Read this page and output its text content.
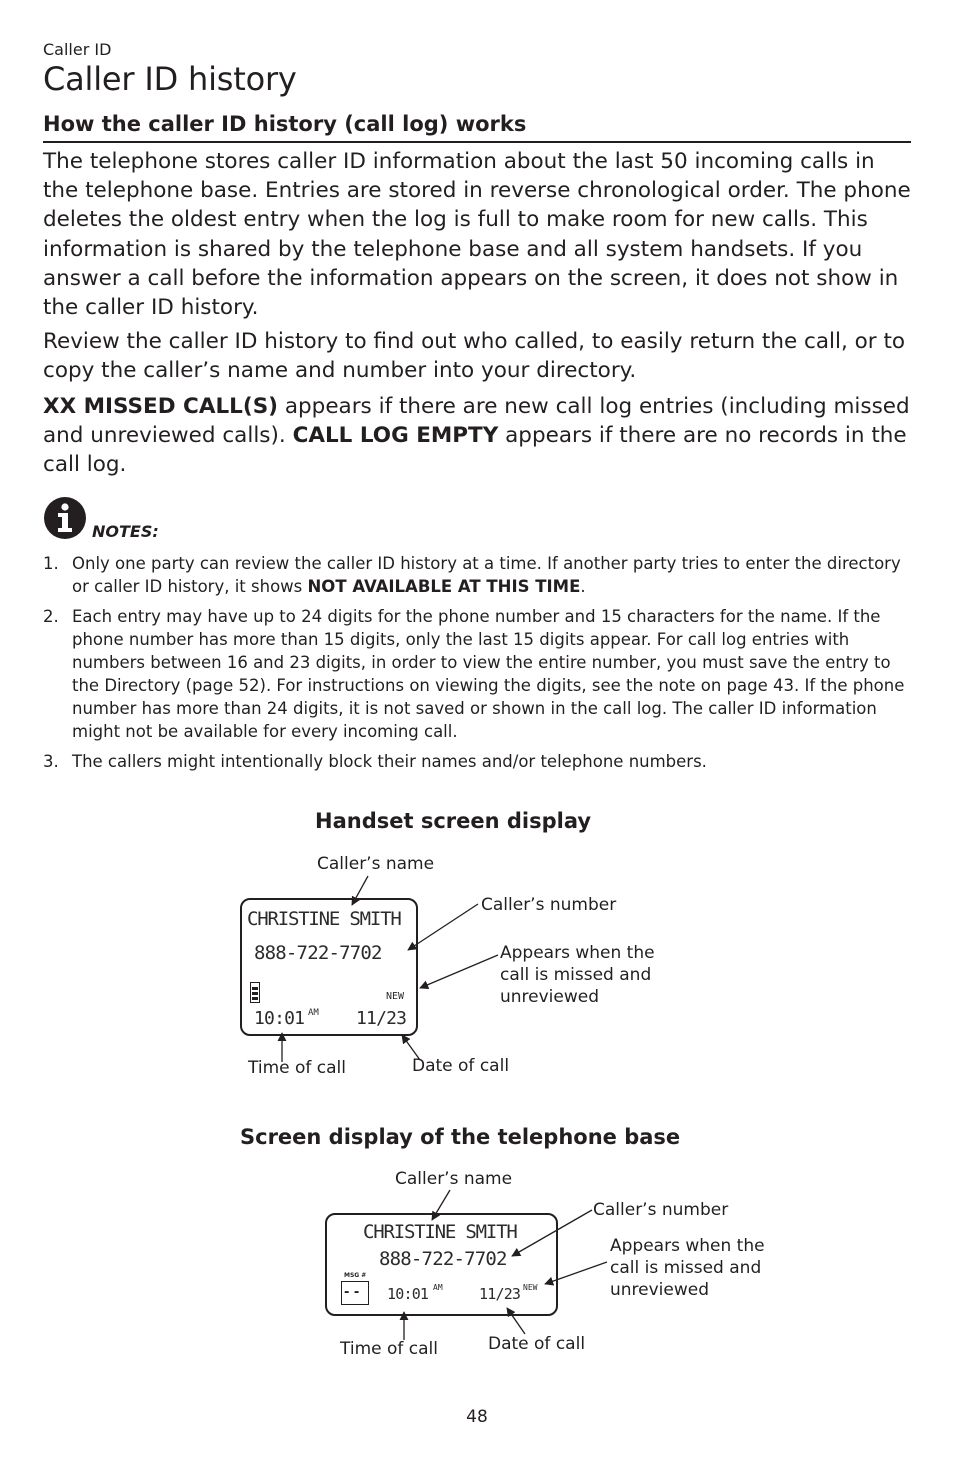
Caller ID
Caller ID history
How the caller ID history (call log) works
The telephone stores caller ID information about the last 50 incoming calls in the telephone base. Entries are stored in reverse chronological order. The phone deletes the oldest entry when the log is full to make room for new calls. This information is shared by the telephone base and all system handsets. If you answer a call before the information appears on the screen, it does not show in the caller ID history.
Review the caller ID history to find out who called, to easily return the call, or to copy the caller’s name and number into your directory.
XX MISSED CALL(S) appears if there are new call log entries (including missed and unreviewed calls). CALL LOG EMPTY appears if there are no records in the call log.
NOTES:
1. Only one party can review the caller ID history at a time. If another party tries to enter the directory or caller ID history, it shows NOT AVAILABLE AT THIS TIME.
2. Each entry may have up to 24 digits for the phone number and 15 characters for the name. If the phone number has more than 15 digits, only the last 15 digits appear. For call log entries with numbers between 16 and 23 digits, in order to view the entire number, you must save the entry to the Directory (page 52). For instructions on viewing the digits, see the note on page 43. If the phone number has more than 24 digits, it is not saved or shown in the call log. The caller ID information might not be available for every incoming call.
3. The callers might intentionally block their names and/or telephone numbers.
Handset screen display
CHRISTINE SMITH
888-722-7702
NEW
10:01 AM 11/23
Caller’s name
Caller’s number
Appears when the
call is missed and
unreviewed
Time of call	Date of call
Screen display of the telephone base
CHRISTINE SMITH
888-722-7702
MSG #
- - 10:01 AM 11/23 NEW
Caller’s name
Caller’s number
Appears when the
call is missed and
unreviewed
Time of call	Date of call
48
